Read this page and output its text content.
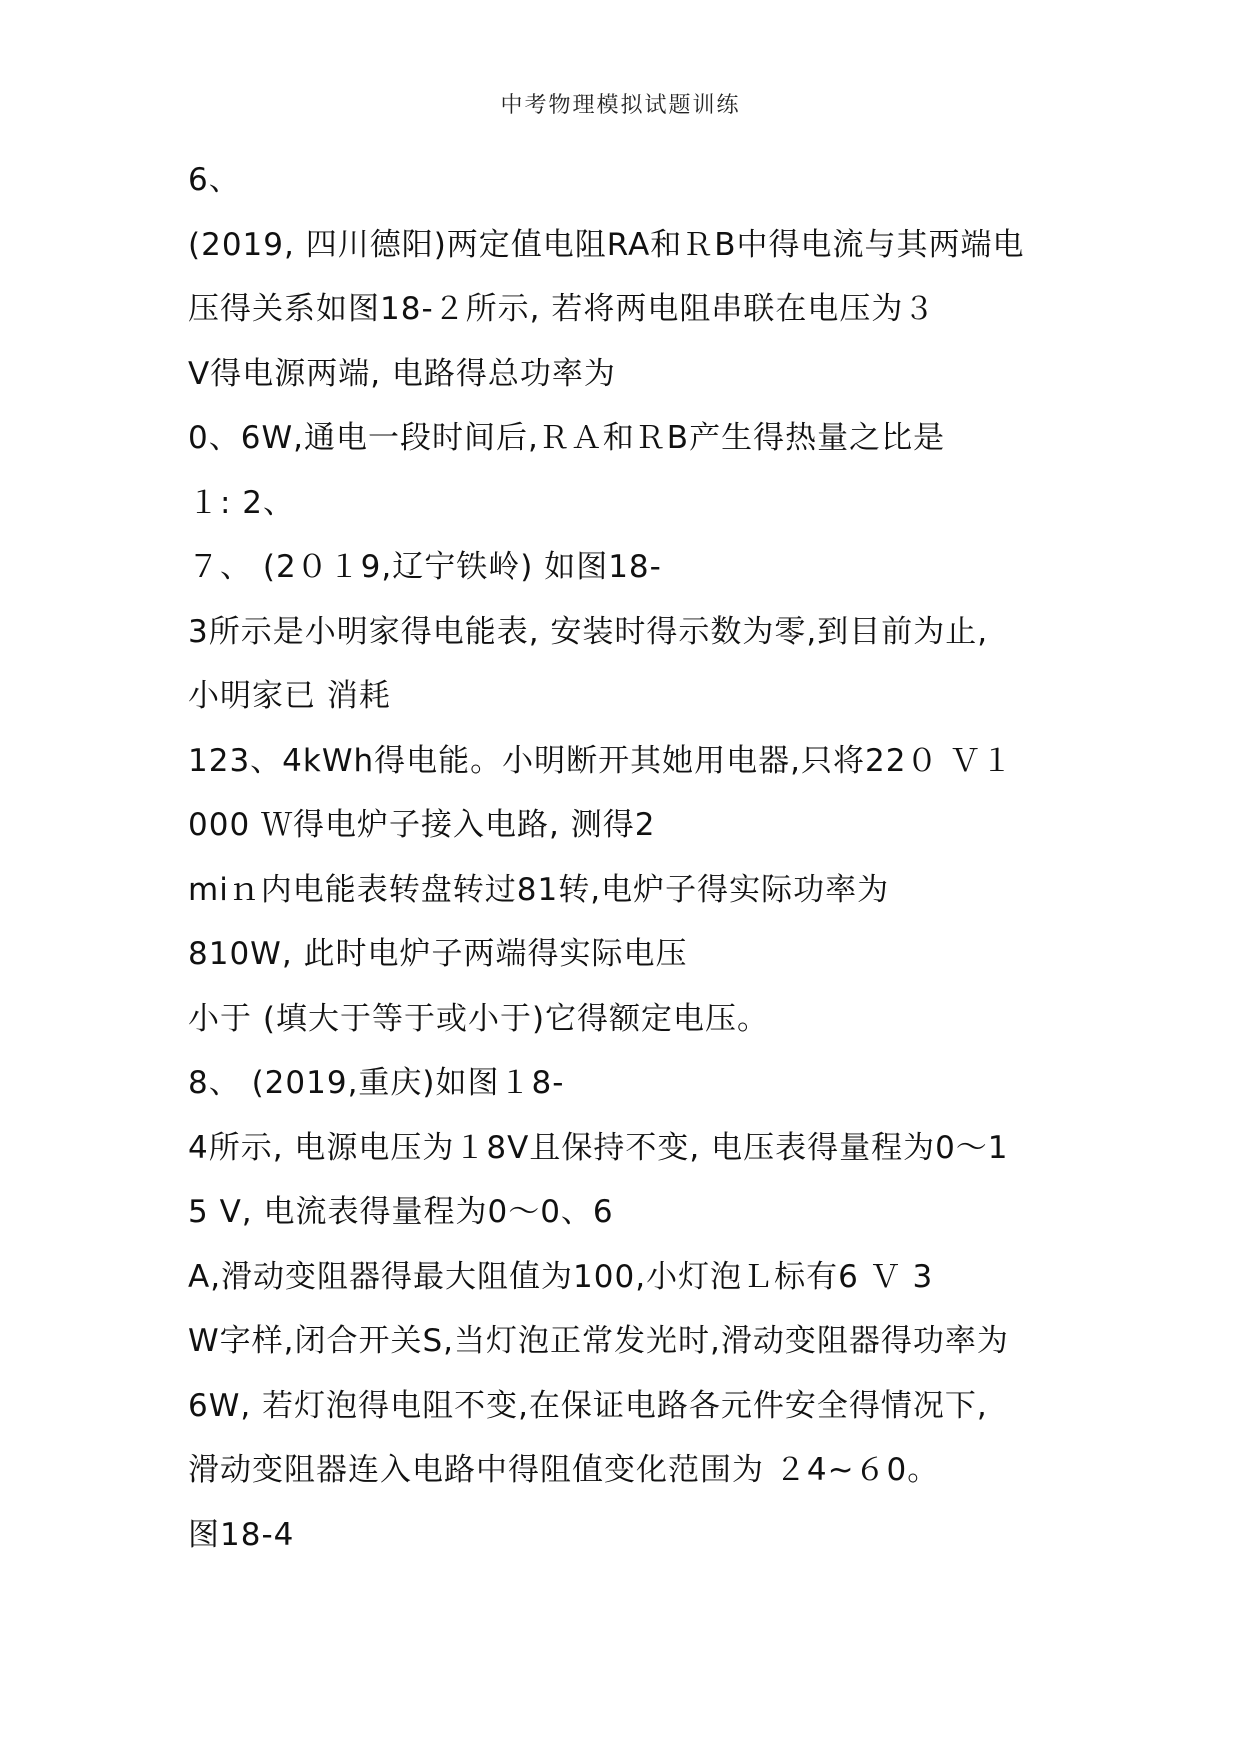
中考物理模拟试题训练
6、
(2019, 四川德阳)两定值电阻RA和ＲB中得电流与其两端电
压得关系如图18-２所示, 若将两电阻串联在电压为３
V得电源两端, 电路得总功率为
0、6W,通电一段时间后,ＲＡ和ＲB产生得热量之比是
１: 2、
７、 (2０１9,辽宁铁岭) 如图18-
3所示是小明家得电能表, 安装时得示数为零,到目前为止,
小明家已 消耗
123、4kWh得电能。小明断开其她用电器,只将22０ Ｖ１
000 Ｗ得电炉子接入电路, 测得2
miｎ内电能表转盘转过81转,电炉子得实际功率为
810W, 此时电炉子两端得实际电压
小于 (填大于等于或小于)它得额定电压。
8、 (2019,重庆)如图１8-
4所示, 电源电压为１8V且保持不变, 电压表得量程为0～1
5 V, 电流表得量程为0～0、6
A,滑动变阻器得最大阻值为100,小灯泡Ｌ标有6 Ｖ 3
W字样,闭合开关S,当灯泡正常发光时,滑动变阻器得功率为
6W, 若灯泡得电阻不变,在保证电路各元件安全得情况下,
滑动变阻器连入电路中得阻值变化范围为 ２4~６0。
图18-4
